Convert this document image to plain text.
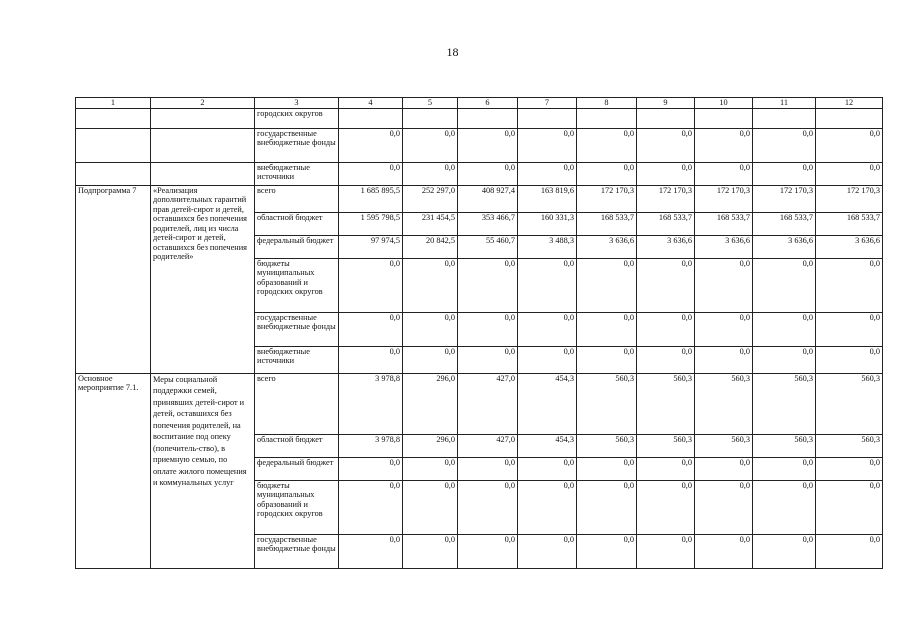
18
1	2	3	4	5	6	7	8	9	10	11	12
		городских округов									
		государственные внебюджетные фонды	0,0	0,0	0,0	0,0	0,0	0,0	0,0	0,0	0,0
		внебюджетные источники	0,0	0,0	0,0	0,0	0,0	0,0	0,0	0,0	0,0
Подпрограмма 7	«Реализация дополнительных гарантий прав детей-сирот и детей, оставшихся без попечения родителей, лиц из числа детей-сирот и детей, оставшихся без попечения родителей»	всего	1 685 895,5	252 297,0	408 927,4	163 819,6	172 170,3	172 170,3	172 170,3	172 170,3	172 170,3
		областной бюджет	1 595 798,5	231 454,5	353 466,7	160 331,3	168 533,7	168 533,7	168 533,7	168 533,7	168 533,7
		федеральный бюджет	97 974,5	20 842,5	55 460,7	3 488,3	3 636,6	3 636,6	3 636,6	3 636,6	3 636,6
		бюджеты муниципальных образований и городских округов	0,0	0,0	0,0	0,0	0,0	0,0	0,0	0,0	0,0
		государственные внебюджетные фонды	0,0	0,0	0,0	0,0	0,0	0,0	0,0	0,0	0,0
		внебюджетные источники	0,0	0,0	0,0	0,0	0,0	0,0	0,0	0,0	0,0
Основное мероприятие 7.1.	Меры социальной поддержки семей, принявших детей-сирот и детей, оставшихся без попечения родителей, на воспитание под опеку (попечитель-ство), в приемную семью, по оплате жилого помещения и коммунальных услуг	всего	3 978,8	296,0	427,0	454,3	560,3	560,3	560,3	560,3	560,3
		областной бюджет	3 978,8	296,0	427,0	454,3	560,3	560,3	560,3	560,3	560,3
		федеральный бюджет	0,0	0,0	0,0	0,0	0,0	0,0	0,0	0,0	0,0
		бюджеты муниципальных образований и городских округов	0,0	0,0	0,0	0,0	0,0	0,0	0,0	0,0	0,0
		государственные внебюджетные фонды	0,0	0,0	0,0	0,0	0,0	0,0	0,0	0,0	0,0
